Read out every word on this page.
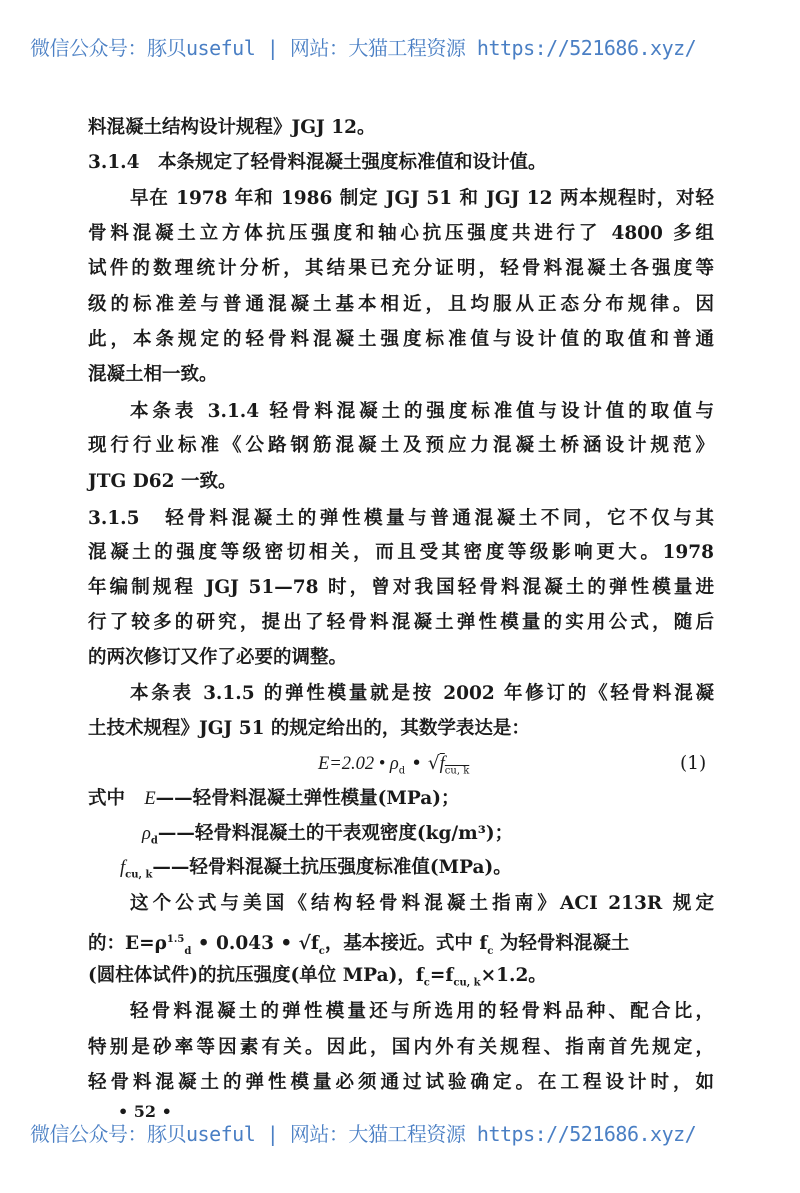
微信公众号：豚贝useful | 网站：大猫工程资源 https://521686.xyz/
料混凝土结构设计规程》JGJ 12。
3.1.4　本条规定了轻骨料混凝土强度标准值和设计值。
早在 1978 年和 1986 制定 JGJ 51 和 JGJ 12 两本规程时，对轻
骨料混凝土立方体抗压强度和轴心抗压强度共进行了 4800 多组
试件的数理统计分析，其结果已充分证明，轻骨料混凝土各强度等
级的标准差与普通混凝土基本相近，且均服从正态分布规律。因
此，本条规定的轻骨料混凝土强度标准值与设计值的取值和普通
混凝土相一致。
本条表 3.1.4 轻骨料混凝土的强度标准值与设计值的取值与
现行行业标准《公路钢筋混凝土及预应力混凝土桥涵设计规范》
JTG D62 一致。
3.1.5　轻骨料混凝土的弹性模量与普通混凝土不同，它不仅与其
混凝土的强度等级密切相关，而且受其密度等级影响更大。1978
年编制规程 JGJ 51—78 时，曾对我国轻骨料混凝土的弹性模量进
行了较多的研究，提出了轻骨料混凝土弹性模量的实用公式，随后
的两次修订又作了必要的调整。
本条表 3.1.5 的弹性模量就是按 2002 年修订的《轻骨料混凝
土技术规程》JGJ 51 的规定给出的，其数学表达是：
E=2.02 • $\rho_d$ • $√f_{cu, k}$	(1)
式中 E——轻骨料混凝土弹性模量(MPa)；
$\rho_d——$轻骨料混凝土的干表观密度(kg/m³)；
$f_{cu, k}——$轻骨料混凝土抗压强度标准值(MPa)。
这个公式与美国《结构轻骨料混凝土指南》ACI 213R 规定
的：$E=\rho^{1.5}_d$ • 0.043 • $√f_c$，基本接近。式中 $f_c$ 为轻骨料混凝土
(圆柱体试件)的抗压强度(单位 MPa)，$f_c=f_{cu, k}\times 1.2$。
轻骨料混凝土的弹性模量还与所选用的轻骨料品种、配合比，
特别是砂率等因素有关。因此，国内外有关规程、指南首先规定，
轻骨料混凝土的弹性模量必须通过试验确定。在工程设计时，如
• 52 •
微信公众号：豚贝useful | 网站：大猫工程资源 https://521686.xyz/
